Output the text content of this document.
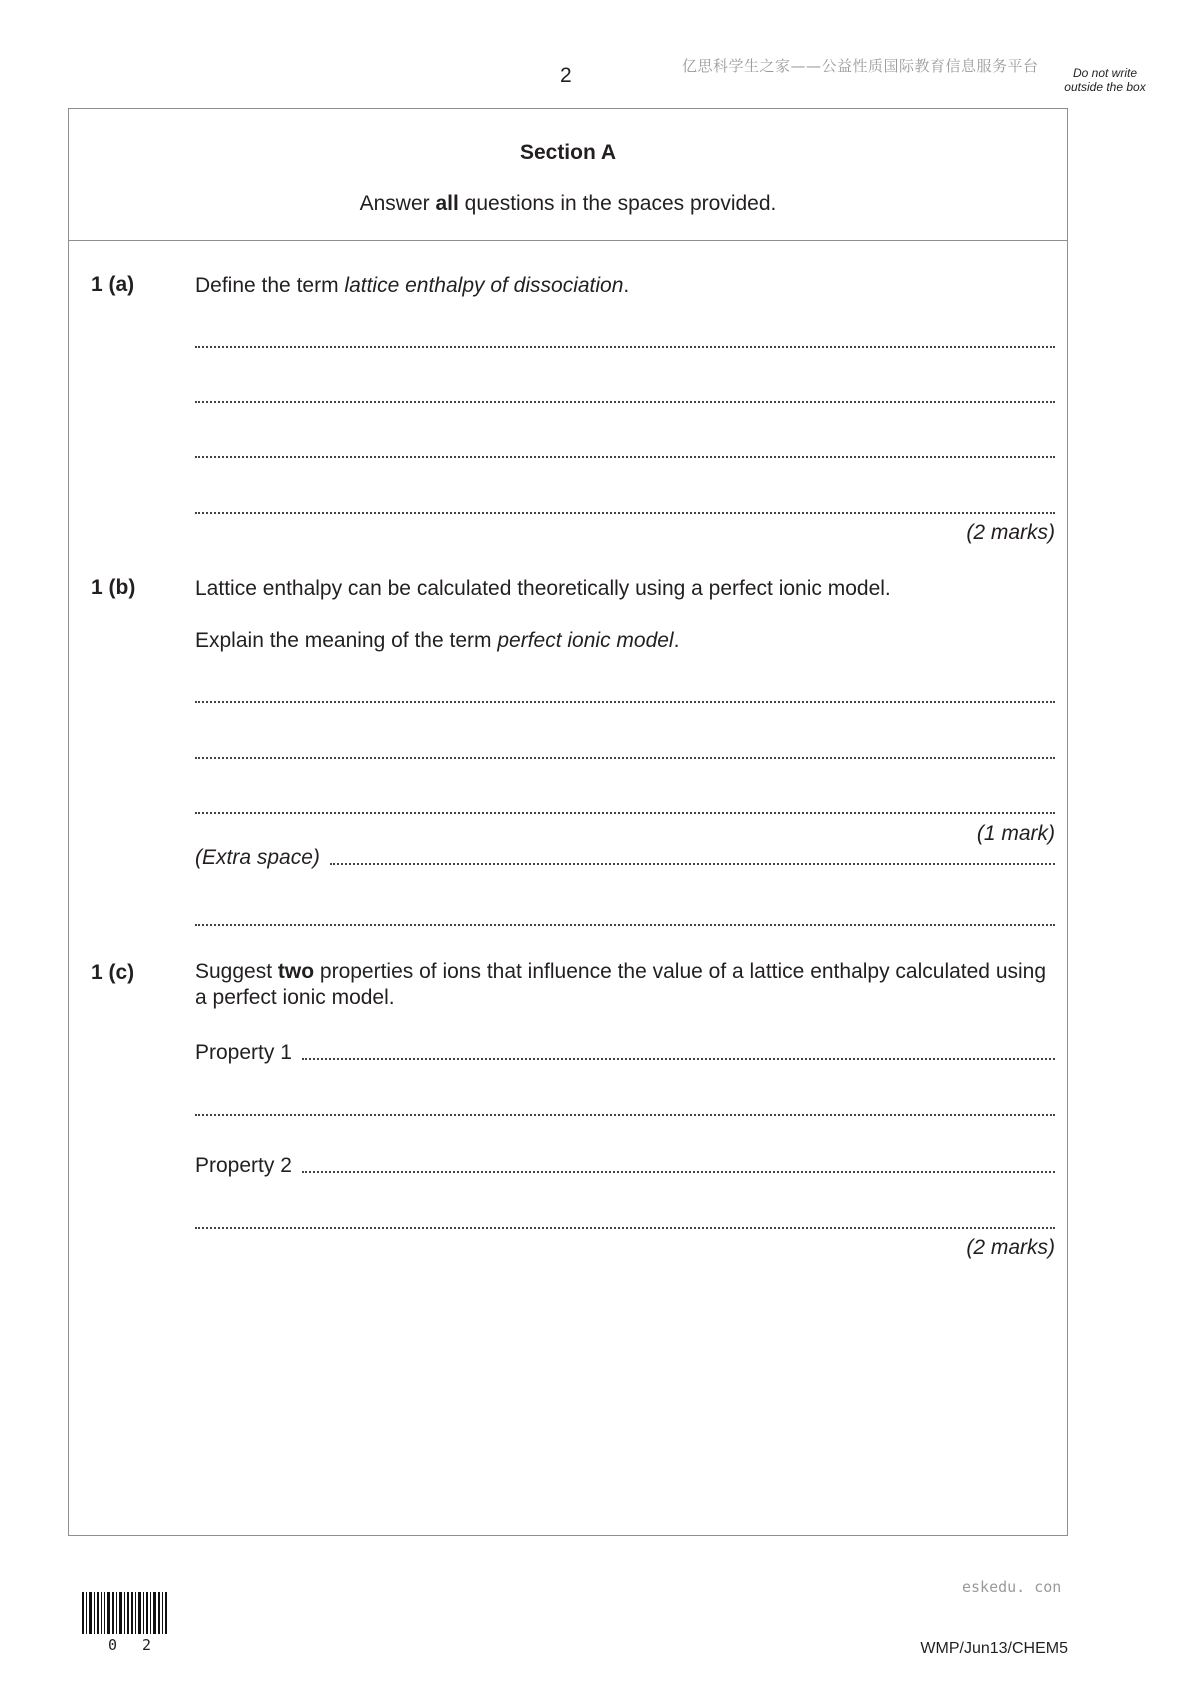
2	亿思科学生之家——公益性质国际教育信息服务平台	Do not write outside the box
Section A
Answer all questions in the spaces provided.
1 (a)	Define the term lattice enthalpy of dissociation.
(2 marks)
1 (b)	Lattice enthalpy can be calculated theoretically using a perfect ionic model.
Explain the meaning of the term perfect ionic model.
(1 mark)
(Extra space)
1 (c)	Suggest two properties of ions that influence the value of a lattice enthalpy calculated using a perfect ionic model.
Property 1
Property 2
(2 marks)
eskedu. con
0 2	WMP/Jun13/CHEM5
